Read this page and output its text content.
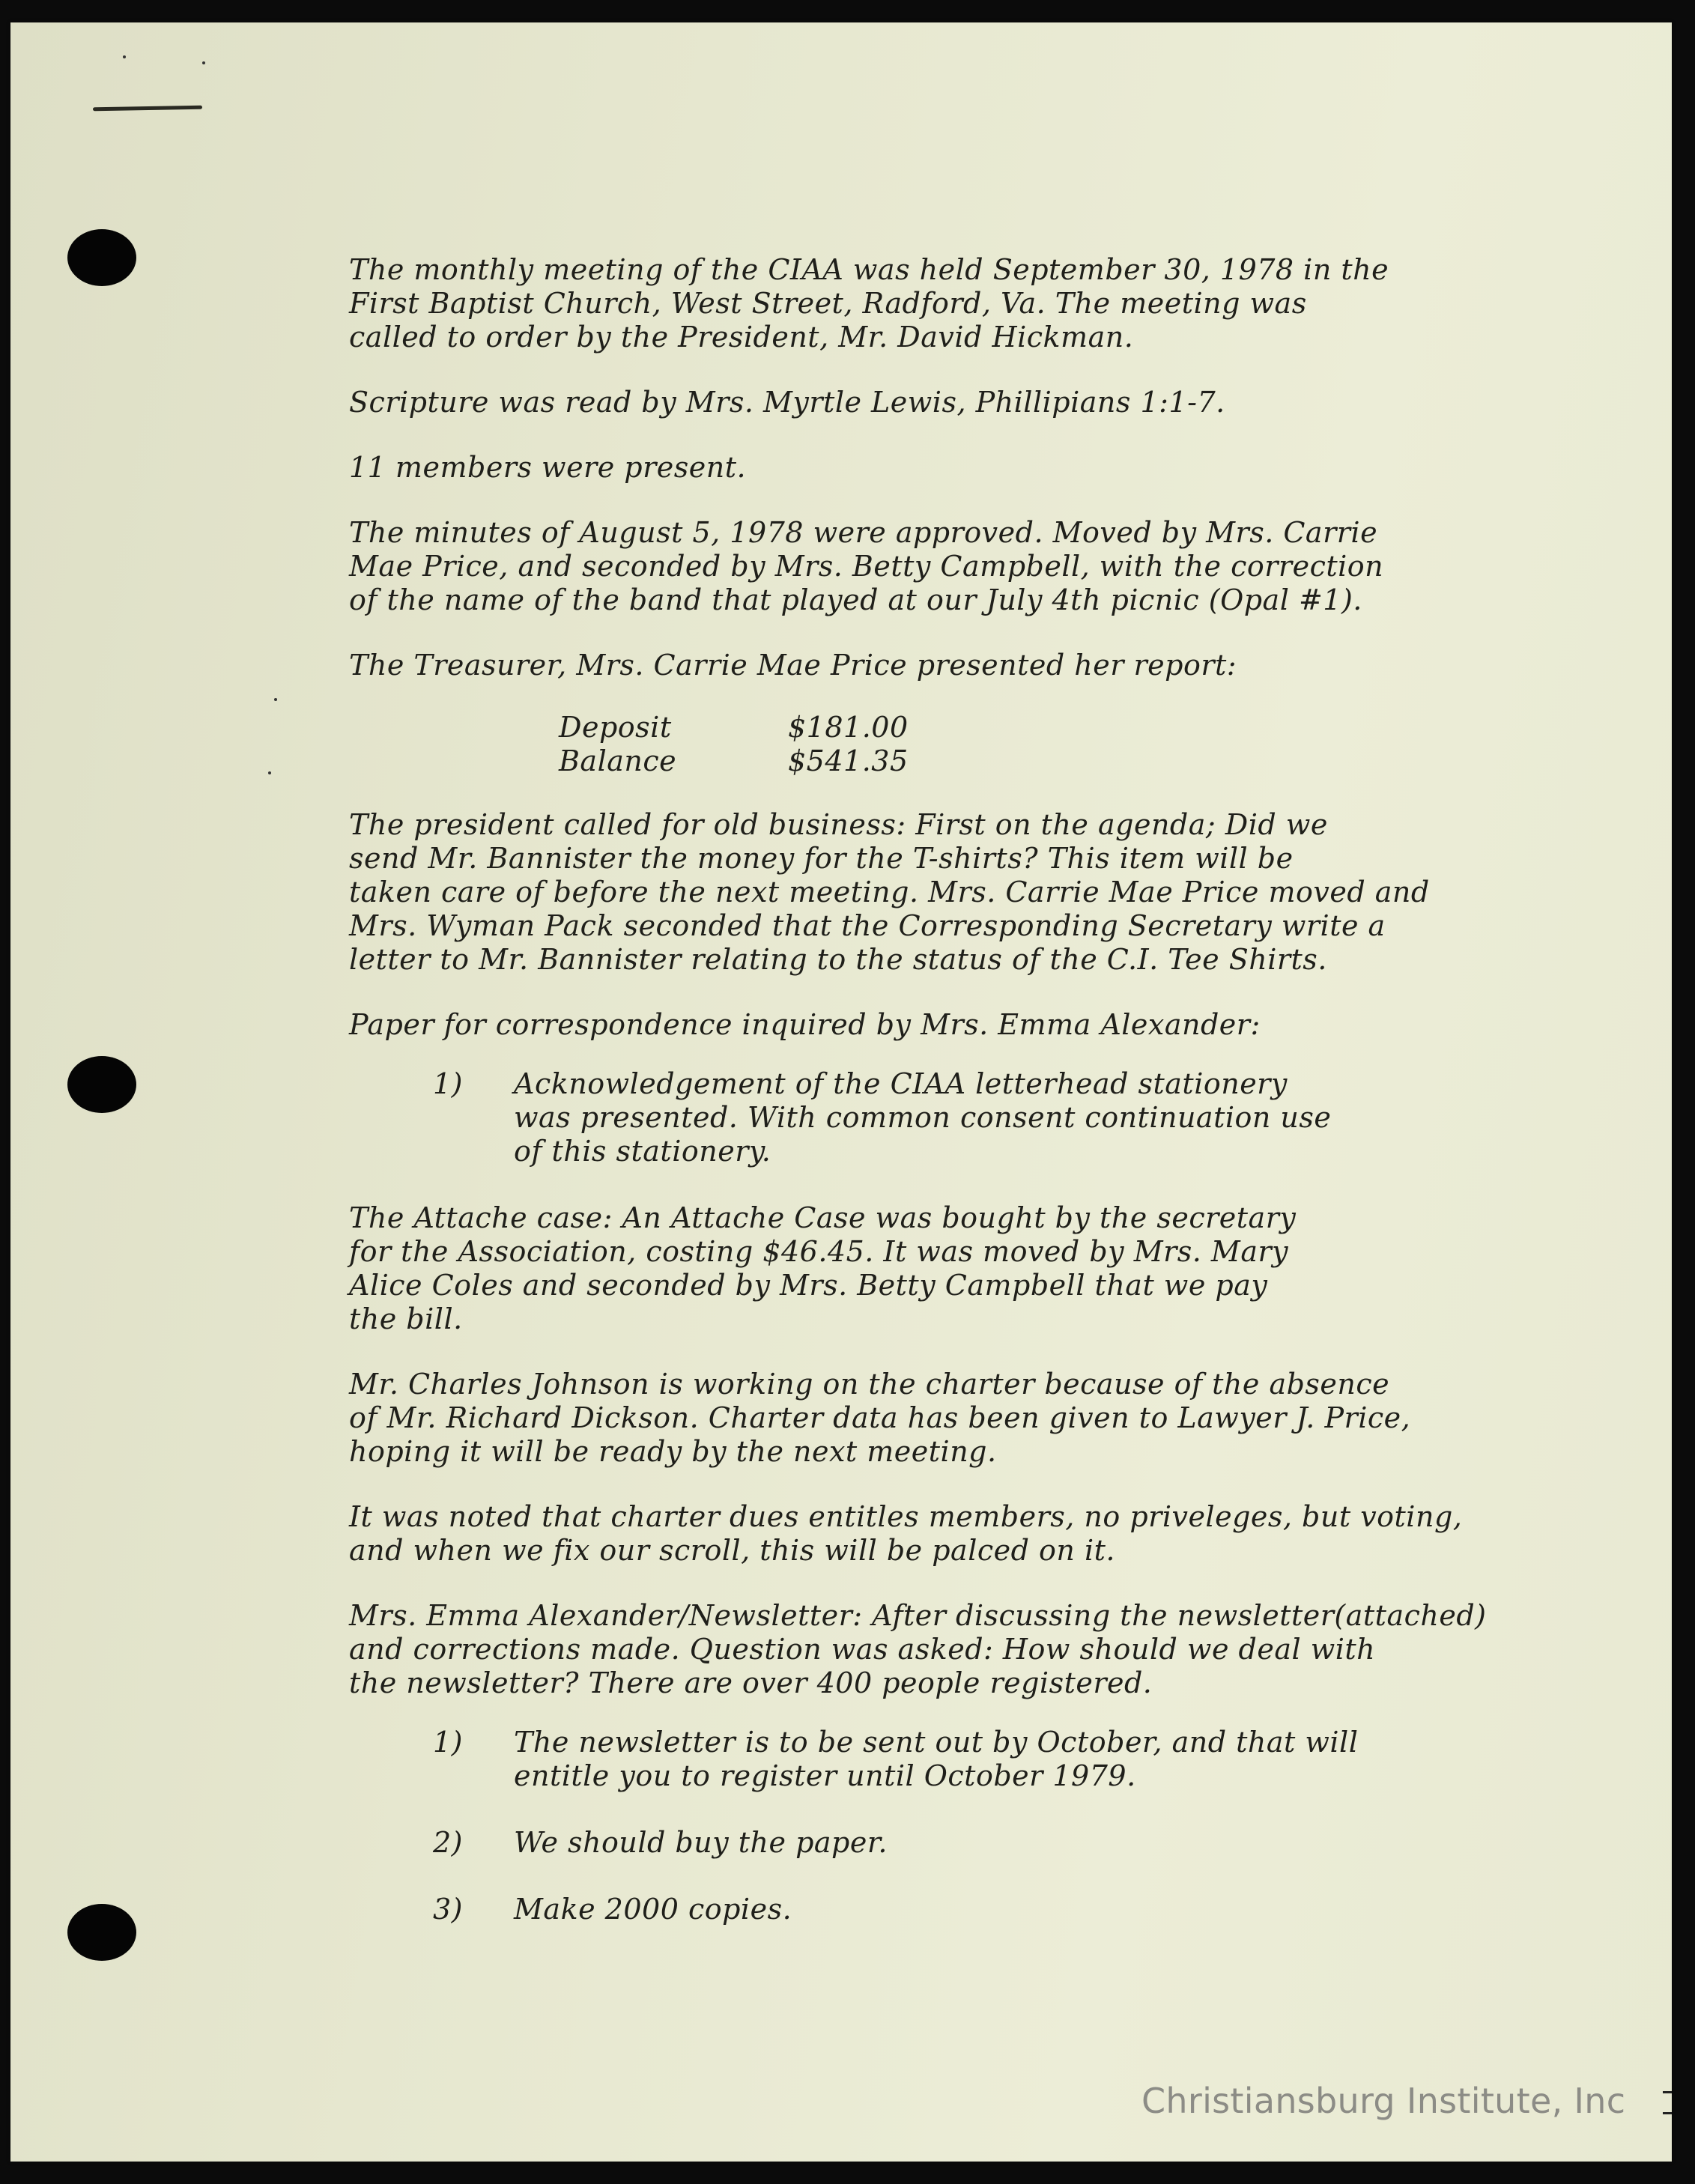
The monthly meeting of the CIAA was held September 30, 1978 in the
First Baptist Church, West Street, Radford, Va. The meeting was
called to order by the President, Mr. David Hickman.

Scripture was read by Mrs. Myrtle Lewis, Phillipians 1:1-7.

11 members were present.

The minutes of August 5, 1978 were approved. Moved by Mrs. Carrie
Mae Price, and seconded by Mrs. Betty Campbell, with the correction
of the name of the band that played at our July 4th picnic (Opal #1).

The Treasurer, Mrs. Carrie Mae Price presented her report:

Deposit	$181.00
Balance	$541.35

The president called for old business: First on the agenda; Did we
send Mr. Bannister the money for the T-shirts? This item will be
taken care of before the next meeting. Mrs. Carrie Mae Price moved and
Mrs. Wyman Pack seconded that the Corresponding Secretary write a
letter to Mr. Bannister relating to the status of the C.I. Tee Shirts.

Paper for correspondence inquired by Mrs. Emma Alexander:

1)	Acknowledgement of the CIAA letterhead stationery
was presented. With common consent continuation use
of this stationery.

The Attache case: An Attache Case was bought by the secretary
for the Association, costing $46.45. It was moved by Mrs. Mary
Alice Coles and seconded by Mrs. Betty Campbell that we pay
the bill.

Mr. Charles Johnson is working on the charter because of the absence
of Mr. Richard Dickson. Charter data has been given to Lawyer J. Price,
hoping it will be ready by the next meeting.

It was noted that charter dues entitles members, no priveleges, but voting,
and when we fix our scroll, this will be palced on it.

Mrs. Emma Alexander/Newsletter: After discussing the newsletter(attached)
and corrections made. Question was asked: How should we deal with
the newsletter? There are over 400 people registered.

1)	The newsletter is to be sent out by October, and that will
entitle you to register until October 1979.
2)	We should buy the paper.
3)	Make 2000 copies.
Christiansburg Institute, Inc
